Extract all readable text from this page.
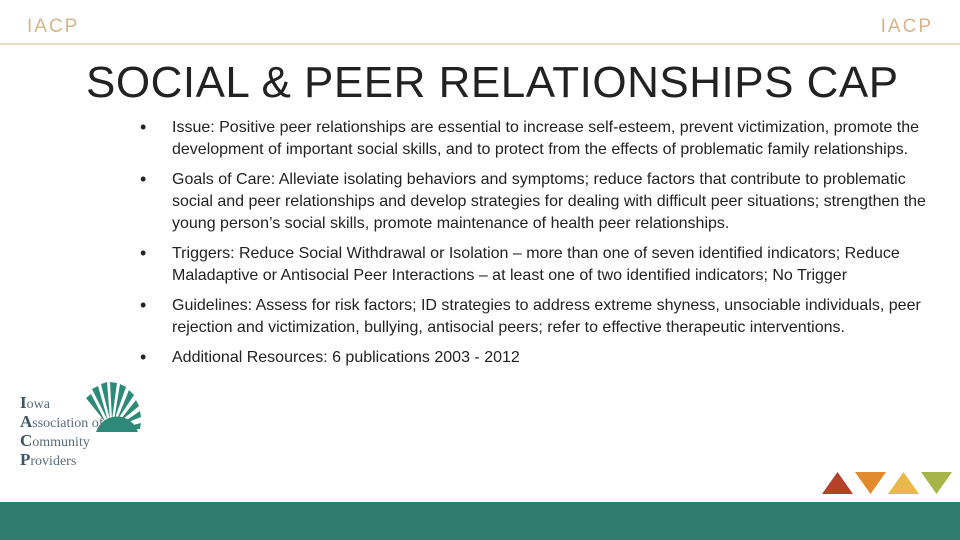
IACP	IACP
SOCIAL & PEER RELATIONSHIPS CAP
• Issue: Positive peer relationships are essential to increase self-esteem, prevent victimization, promote the development of important social skills, and to protect from the effects of problematic family relationships.
• Goals of Care: Alleviate isolating behaviors and symptoms; reduce factors that contribute to problematic social and peer relationships and develop strategies for dealing with difficult peer situations; strengthen the young person’s social skills, promote maintenance of health peer relationships.
• Triggers: Reduce Social Withdrawal or Isolation – more than one of seven identified indicators; Reduce Maladaptive or Antisocial Peer Interactions – at least one of two identified indicators; No Trigger
• Guidelines: Assess for risk factors; ID strategies to address extreme shyness, unsociable individuals, peer rejection and victimization, bullying, antisocial peers; refer to effective therapeutic interventions.
• Additional Resources: 6 publications 2003 - 2012
Iowa
Association of
Community
Providers
